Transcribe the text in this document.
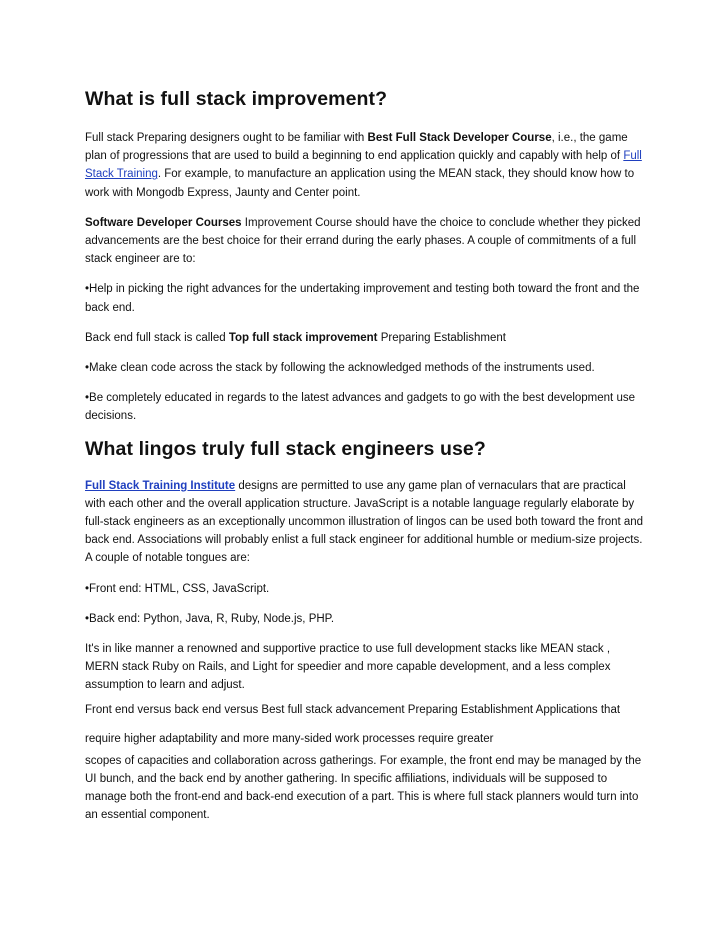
What is full stack improvement?

Full stack Preparing designers ought to be familiar with Best Full Stack Developer Course, i.e., the game plan of progressions that are used to build a beginning to end application quickly and capably with help of Full Stack Training. For example, to manufacture an application using the MEAN stack, they should know how to work with Mongodb Express, Jaunty and Center point.

Software Developer Courses Improvement Course should have the choice to conclude whether they picked advancements are the best choice for their errand during the early phases. A couple of commitments of a full stack engineer are to:

•Help in picking the right advances for the undertaking improvement and testing both toward the front and the back end.

Back end full stack is called Top full stack improvement Preparing Establishment

•Make clean code across the stack by following the acknowledged methods of the instruments used.

•Be completely educated in regards to the latest advances and gadgets to go with the best development use decisions.

What lingos truly full stack engineers use?

Full Stack Training Institute designs are permitted to use any game plan of vernaculars that are practical with each other and the overall application structure. JavaScript is a notable language regularly elaborate by full-stack engineers as an exceptionally uncommon illustration of lingos can be used both toward the front and back end. Associations will probably enlist a full stack engineer for additional humble or medium-size projects. A couple of notable tongues are:

•Front end: HTML, CSS, JavaScript.

•Back end: Python, Java, R, Ruby, Node.js, PHP.

It's in like manner a renowned and supportive practice to use full development stacks like MEAN stack , MERN stack Ruby on Rails, and Light for speedier and more capable development, and a less complex assumption to learn and adjust.

Front end versus back end versus Best full stack advancement Preparing Establishment Applications that

require higher adaptability and more many-sided work processes require greater

scopes of capacities and collaboration across gatherings. For example, the front end may be managed by the UI bunch, and the back end by another gathering. In specific affiliations, individuals will be supposed to manage both the front-end and back-end execution of a part. This is where full stack planners would turn into an essential component.
